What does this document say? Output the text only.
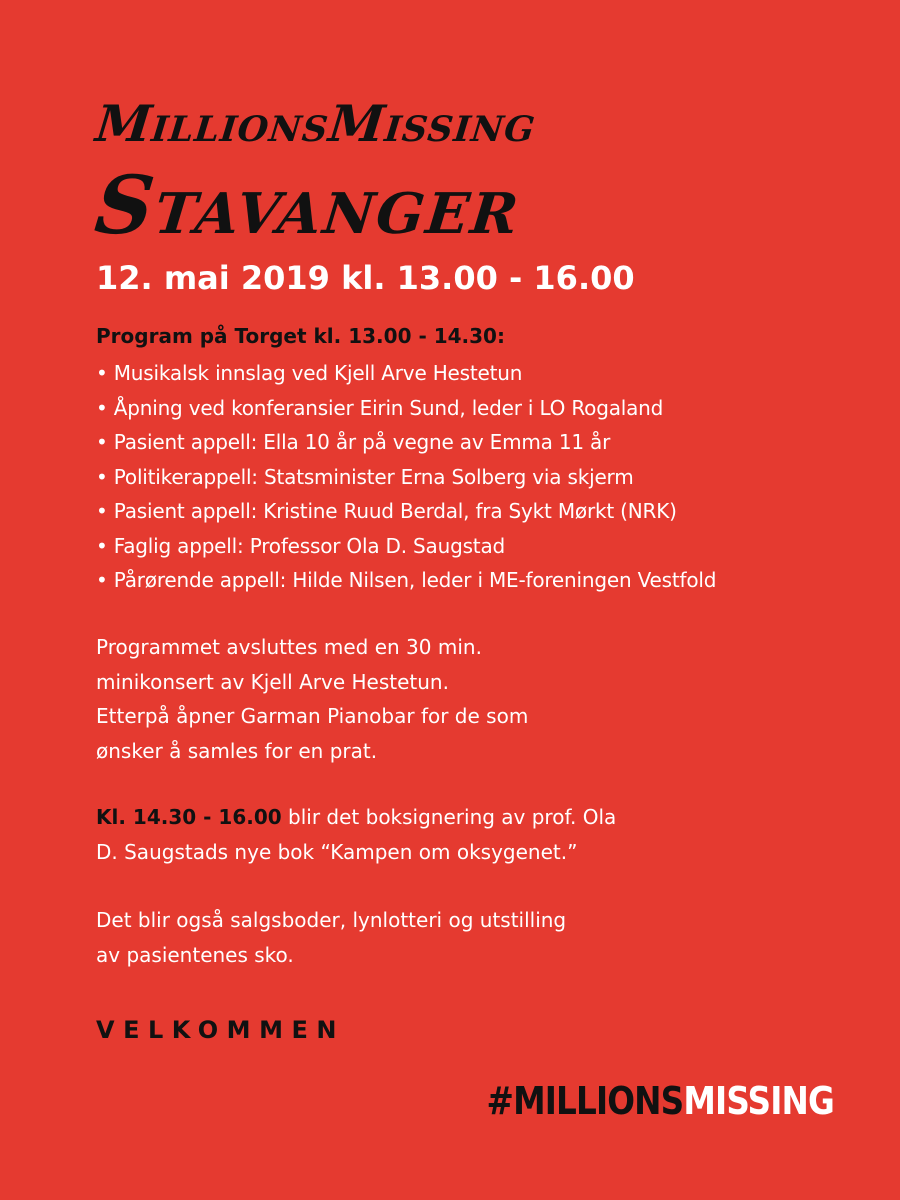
MillionsMissing
Stavanger
12. mai 2019 kl. 13.00 - 16.00
Program på Torget kl. 13.00 - 14.30:
• Musikalsk innslag ved Kjell Arve Hestetun
• Åpning ved konferansier Eirin Sund, leder i LO Rogaland
• Pasient appell: Ella 10 år på vegne av Emma 11 år
• Politikerappell: Statsminister Erna Solberg via skjerm
• Pasient appell: Kristine Ruud Berdal, fra Sykt Mørkt (NRK)
• Faglig appell: Professor Ola D. Saugstad
• Pårørende appell: Hilde Nilsen, leder i ME-foreningen Vestfold
Programmet avsluttes med en 30 min.
minikonsert av Kjell Arve Hestetun.
Etterpå åpner Garman Pianobar for de som
ønsker å samles for en prat.
Kl. 14.30 - 16.00 blir det boksignering av prof. Ola
D. Saugstads nye bok “Kampen om oksygenet.”
Det blir også salgsboder, lynlotteri og utstilling
av pasientenes sko.
VELKOMMEN
#MILLIONSMISSING
